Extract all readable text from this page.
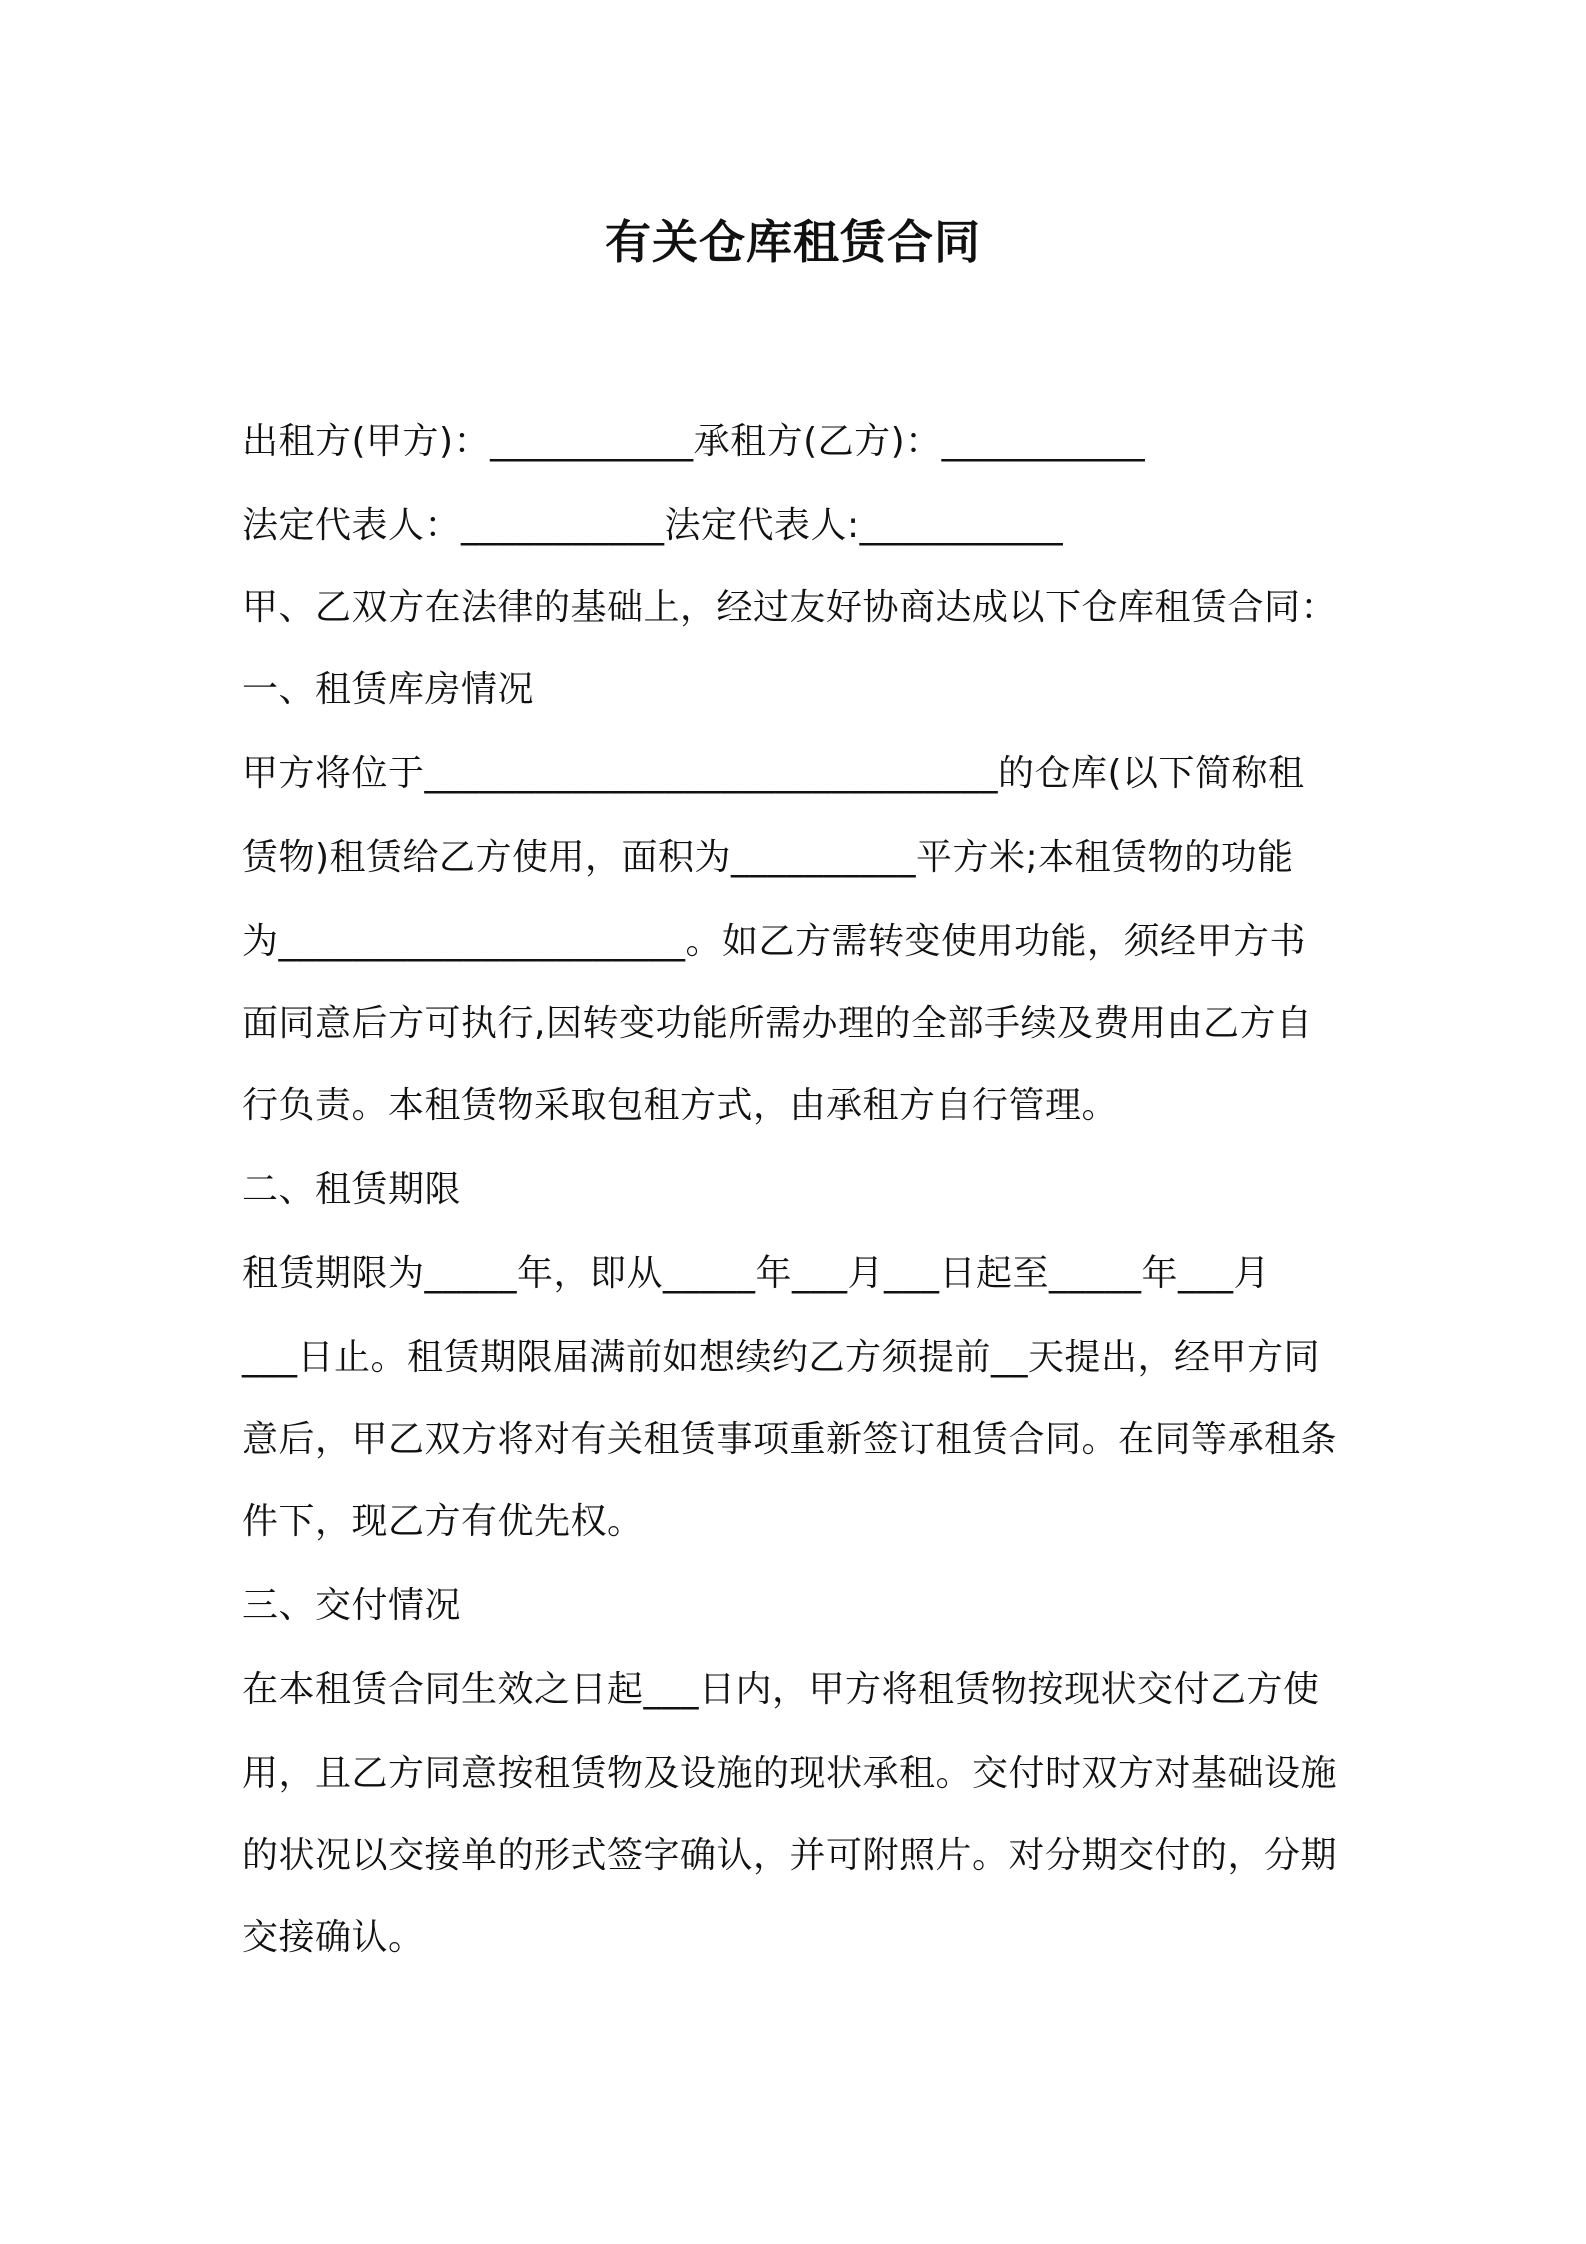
有关仓库租赁合同
出租方(甲方)：___________承租方(乙方)：___________
法定代表人：___________法定代表人:___________
甲、乙双方在法律的基础上，经过友好协商达成以下仓库租赁合同：
一、租赁库房情况
甲方将位于_______________________________的仓库(以下简称租
赁物)租赁给乙方使用，面积为__________平方米;本租赁物的功能
为______________________。如乙方需转变使用功能，须经甲方书
面同意后方可执行,因转变功能所需办理的全部手续及费用由乙方自
行负责。本租赁物采取包租方式，由承租方自行管理。
二、租赁期限
租赁期限为_____年，即从_____年___月___日起至_____年___月
___日止。租赁期限届满前如想续约乙方须提前__天提出，经甲方同
意后，甲乙双方将对有关租赁事项重新签订租赁合同。在同等承租条
件下，现乙方有优先权。
三、交付情况
在本租赁合同生效之日起___日内，甲方将租赁物按现状交付乙方使
用，且乙方同意按租赁物及设施的现状承租。交付时双方对基础设施
的状况以交接单的形式签字确认，并可附照片。对分期交付的，分期
交接确认。
